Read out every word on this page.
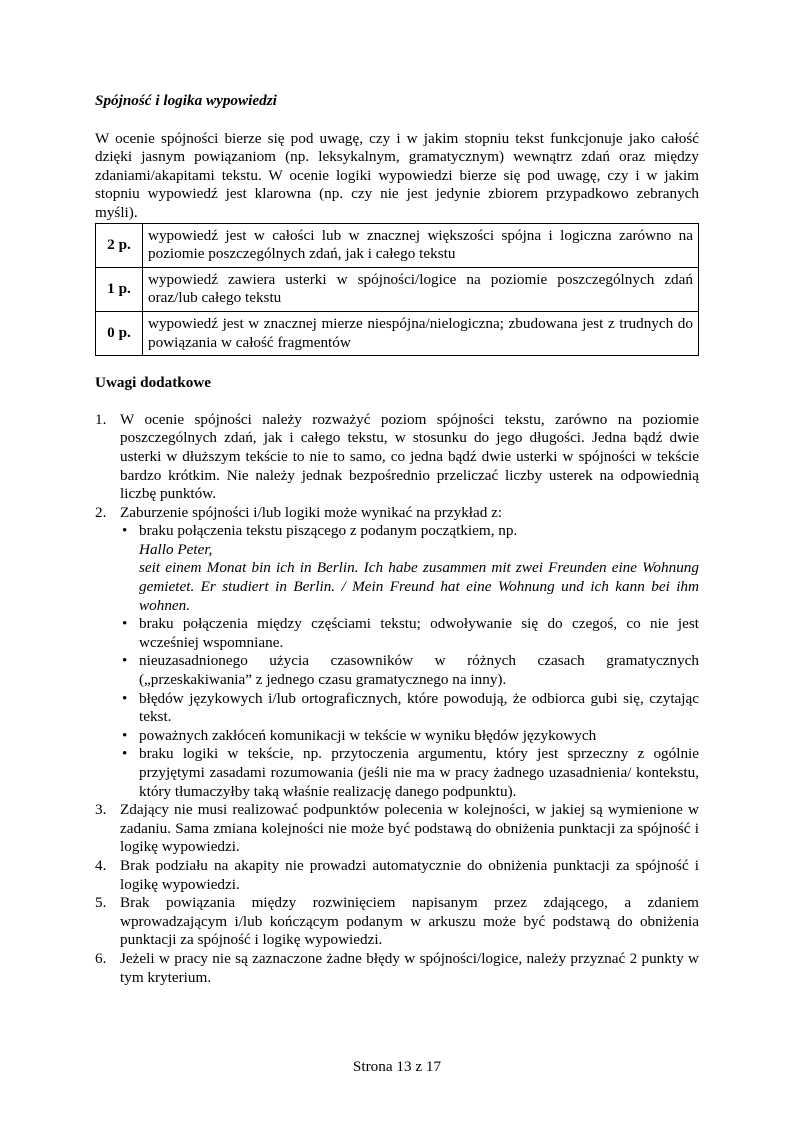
Spójność i logika wypowiedzi

W ocenie spójności bierze się pod uwagę, czy i w jakim stopniu tekst funkcjonuje jako całość dzięki jasnym powiązaniom (np. leksykalnym, gramatycznym) wewnątrz zdań oraz między zdaniami/akapitami tekstu. W ocenie logiki wypowiedzi bierze się pod uwagę, czy i w jakim stopniu wypowiedź jest klarowna (np. czy nie jest jedynie zbiorem przypadkowo zebranych myśli).

2 p.	wypowiedź jest w całości lub w znacznej większości spójna i logiczna zarówno na poziomie poszczególnych zdań, jak i całego tekstu
1 p.	wypowiedź zawiera usterki w spójności/logice na poziomie poszczególnych zdań oraz/lub całego tekstu
0 p.	wypowiedź jest w znacznej mierze niespójna/nielogiczna; zbudowana jest z trudnych do powiązania w całość fragmentów
Uwagi dodatkowe
1. W ocenie spójności należy rozważyć poziom spójności tekstu, zarówno na poziomie poszczególnych zdań, jak i całego tekstu, w stosunku do jego długości. Jedna bądź dwie usterki w dłuższym tekście to nie to samo, co jedna bądź dwie usterki w spójności w tekście bardzo krótkim. Nie należy jednak bezpośrednio przeliczać liczby usterek na odpowiednią liczbę punktów.
2. Zaburzenie spójności i/lub logiki może wynikać na przykład z:
• braku połączenia tekstu piszącego z podanym początkiem, np.
Hallo Peter,
seit einem Monat bin ich in Berlin. Ich habe zusammen mit zwei Freunden eine Wohnung gemietet. Er studiert in Berlin. / Mein Freund hat eine Wohnung und ich kann bei ihm wohnen.
• braku połączenia między częściami tekstu; odwoływanie się do czegoś, co nie jest wcześniej wspomniane.
• nieuzasadnionego użycia czasowników w różnych czasach gramatycznych („przeskakiwania” z jednego czasu gramatycznego na inny).
• błędów językowych i/lub ortograficznych, które powodują, że odbiorca gubi się, czytając tekst.
• poważnych zakłóceń komunikacji w tekście w wyniku błędów językowych
• braku logiki w tekście, np. przytoczenia argumentu, który jest sprzeczny z ogólnie przyjętymi zasadami rozumowania (jeśli nie ma w pracy żadnego uzasadnienia/ kontekstu, który tłumaczyłby taką właśnie realizację danego podpunktu).
3. Zdający nie musi realizować podpunktów polecenia w kolejności, w jakiej są wymienione w zadaniu. Sama zmiana kolejności nie może być podstawą do obniżenia punktacji za spójność i logikę wypowiedzi.
4. Brak podziału na akapity nie prowadzi automatycznie do obniżenia punktacji za spójność i logikę wypowiedzi.
5. Brak powiązania między rozwinięciem napisanym przez zdającego, a zdaniem wprowadzającym i/lub kończącym podanym w arkuszu może być podstawą do obniżenia punktacji za spójność i logikę wypowiedzi.
6. Jeżeli w pracy nie są zaznaczone żadne błędy w spójności/logice, należy przyznać 2 punkty w tym kryterium.
Strona 13 z 17
